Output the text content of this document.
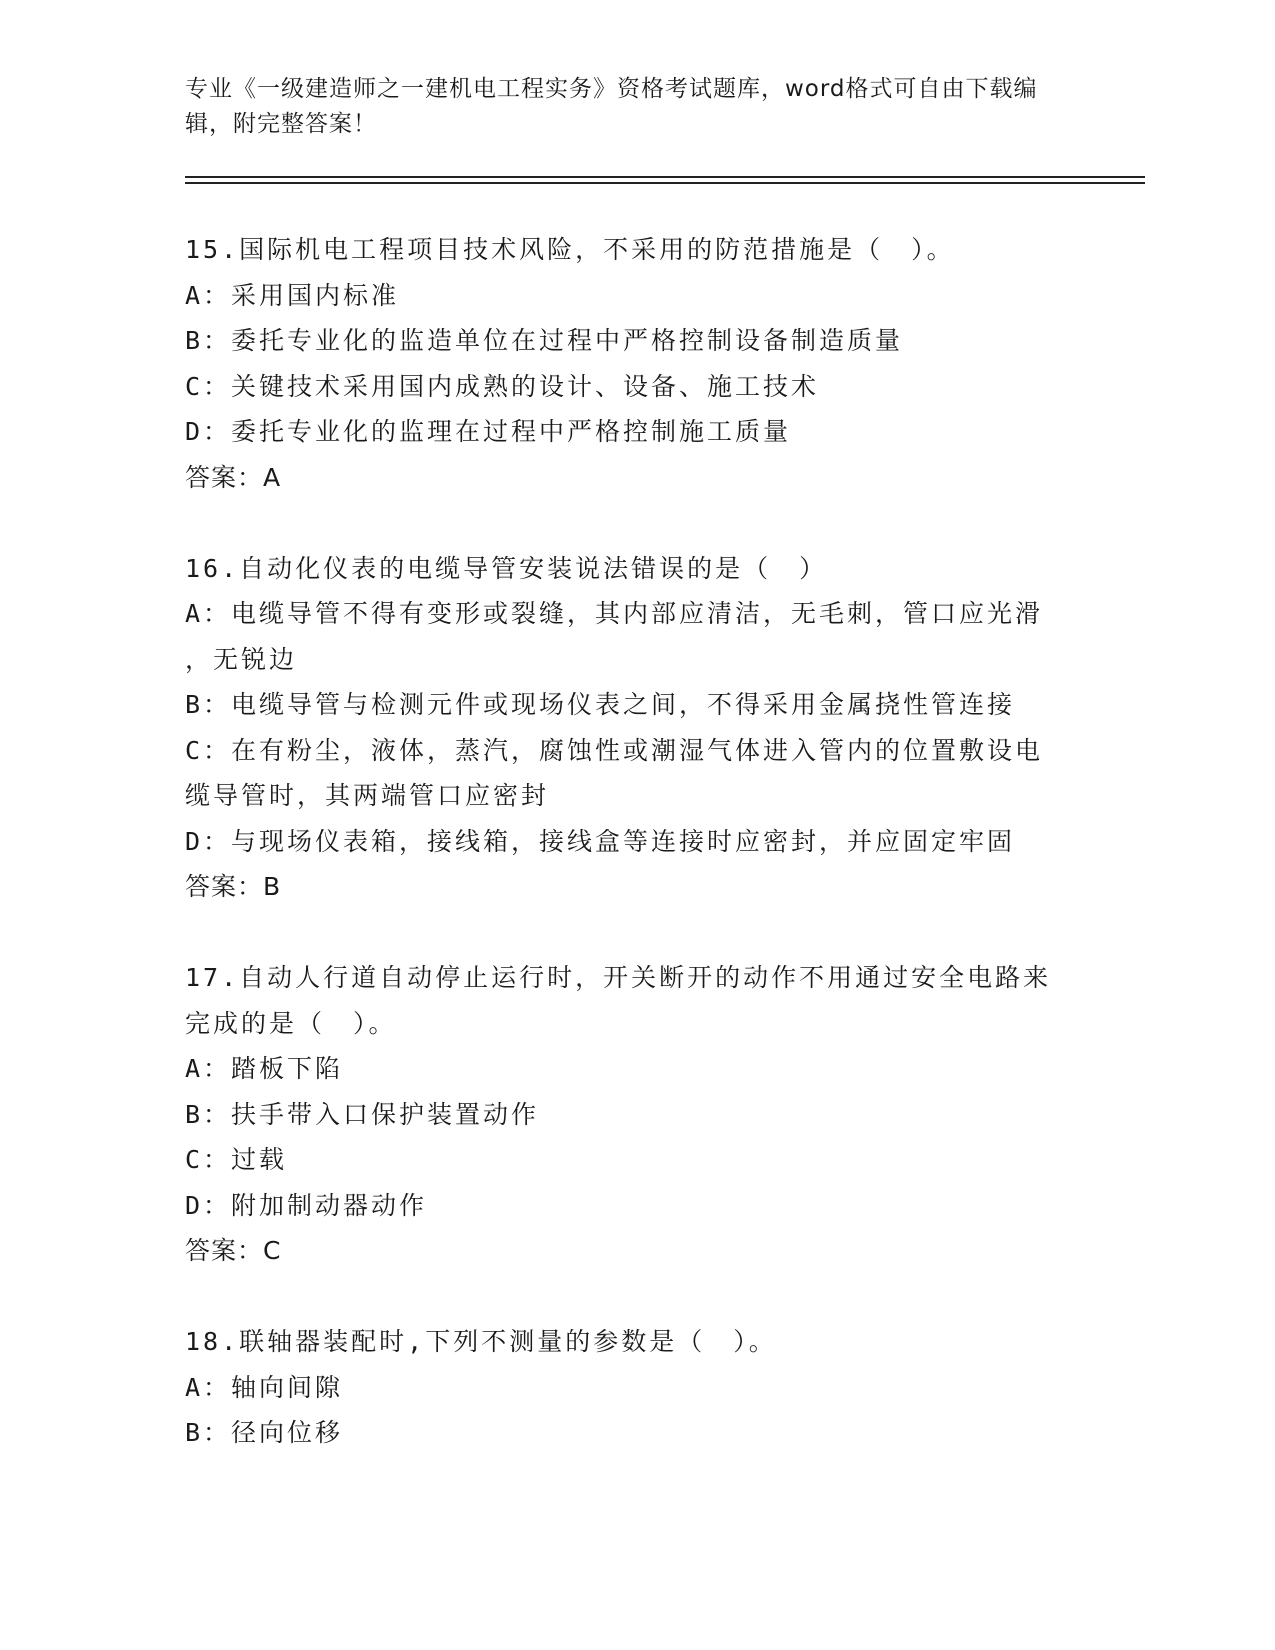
专业《一级建造师之一建机电工程实务》资格考试题库，word格式可自由下载编
辑，附完整答案！
15.国际机电工程项目技术风险，不采用的防范措施是（　）。
A：采用国内标准
B：委托专业化的监造单位在过程中严格控制设备制造质量
C：关键技术采用国内成熟的设计、设备、施工技术
D：委托专业化的监理在过程中严格控制施工质量
答案：A
16.自动化仪表的电缆导管安装说法错误的是（　）
A：电缆导管不得有变形或裂缝，其内部应清洁，无毛刺，管口应光滑
，无锐边
B：电缆导管与检测元件或现场仪表之间，不得采用金属挠性管连接
C：在有粉尘，液体，蒸汽，腐蚀性或潮湿气体进入管内的位置敷设电
缆导管时，其两端管口应密封
D：与现场仪表箱，接线箱，接线盒等连接时应密封，并应固定牢固
答案：B
17.自动人行道自动停止运行时，开关断开的动作不用通过安全电路来
完成的是（　）。
A：踏板下陷
B：扶手带入口保护装置动作
C：过载
D：附加制动器动作
答案：C
18.联轴器装配时,下列不测量的参数是（　）。
A：轴向间隙
B：径向位移
